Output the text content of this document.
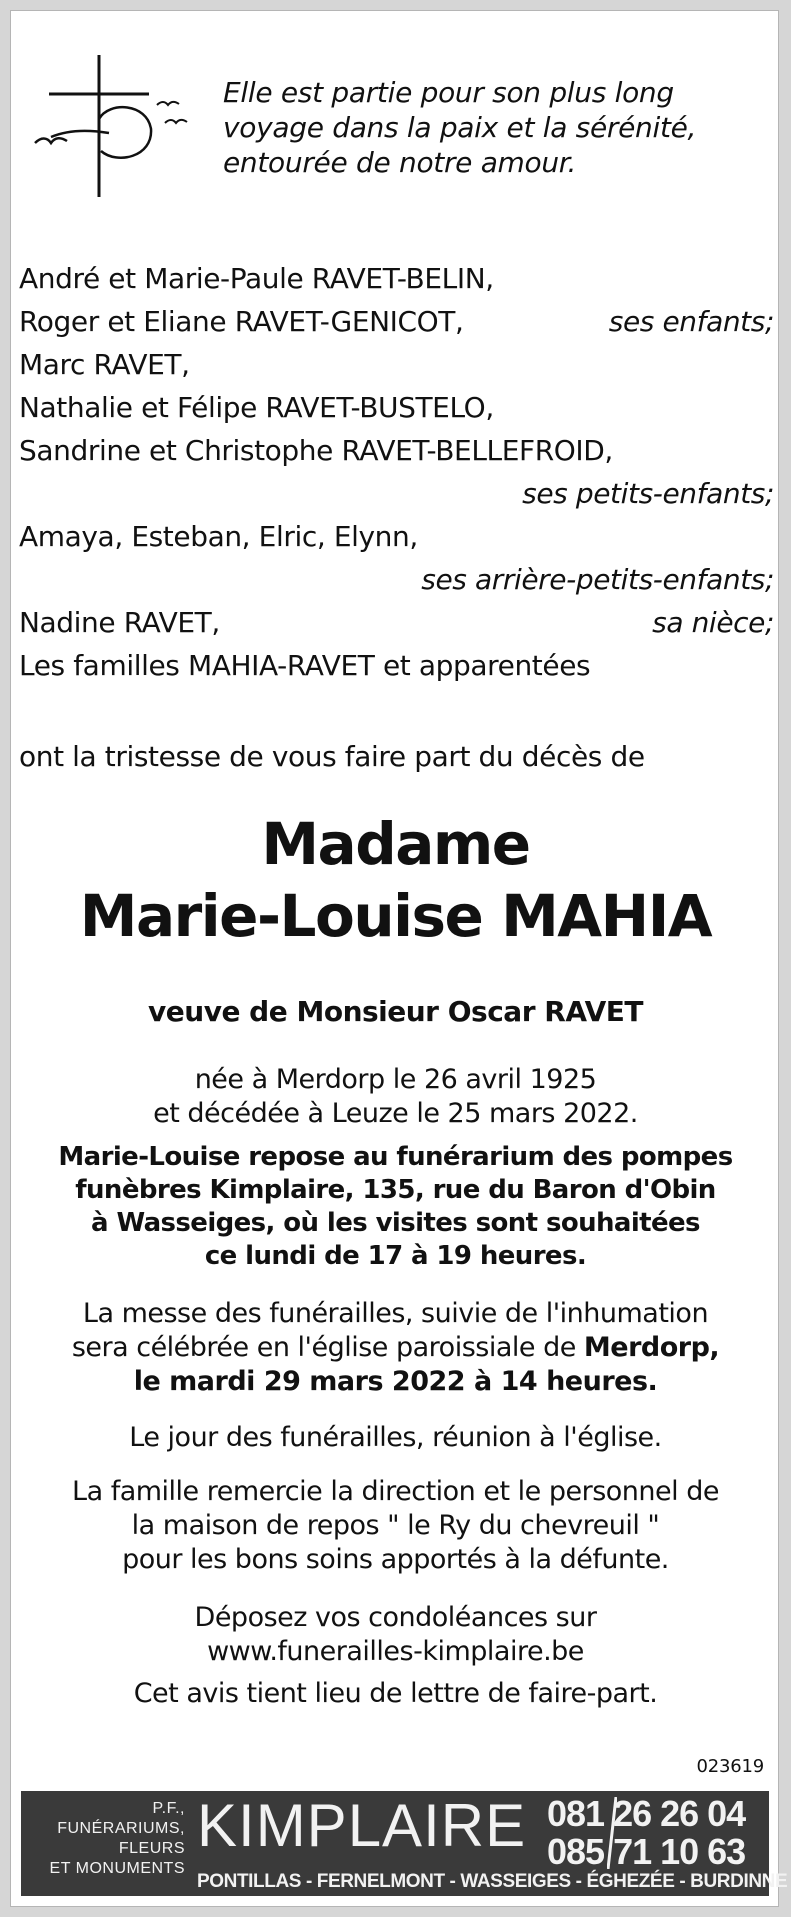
Elle est partie pour son plus long
voyage dans la paix et la sérénité,
entourée de notre amour.
André et Marie-Paule RAVET-BELIN,
Roger et Eliane RAVET-GENICOT,	ses enfants;
Marc RAVET,
Nathalie et Félipe RAVET-BUSTELO,
Sandrine et Christophe RAVET-BELLEFROID,
ses petits-enfants;
Amaya, Esteban, Elric, Elynn,
ses arrière-petits-enfants;
Nadine RAVET,	sa nièce;
Les familles MAHIA-RAVET et apparentées
ont la tristesse de vous faire part du décès de
Madame
Marie-Louise MAHIA
veuve de Monsieur Oscar RAVET
née à Merdorp le 26 avril 1925
et décédée à Leuze le 25 mars 2022.
Marie-Louise repose au funérarium des pompes
funèbres Kimplaire, 135, rue du Baron d'Obin
à Wasseiges, où les visites sont souhaitées
ce lundi de 17 à 19 heures.
La messe des funérailles, suivie de l'inhumation
sera célébrée en l'église paroissiale de Merdorp,
le mardi 29 mars 2022 à 14 heures.
Le jour des funérailles, réunion à l'église.
La famille remercie la direction et le personnel de
la maison de repos " le Ry du chevreuil "
pour les bons soins apportés à la défunte.
Déposez vos condoléances sur
www.funerailles-kimplaire.be
Cet avis tient lieu de lettre de faire-part.
023619
P.F.,
FUNÉRARIUMS,
FLEURS
ET MONUMENTS
KIMPLAIRE 081 26 26 04
085 71 10 63
PONTILLAS - FERNELMONT - WASSEIGES - ÉGHEZÉE - BURDINNE
